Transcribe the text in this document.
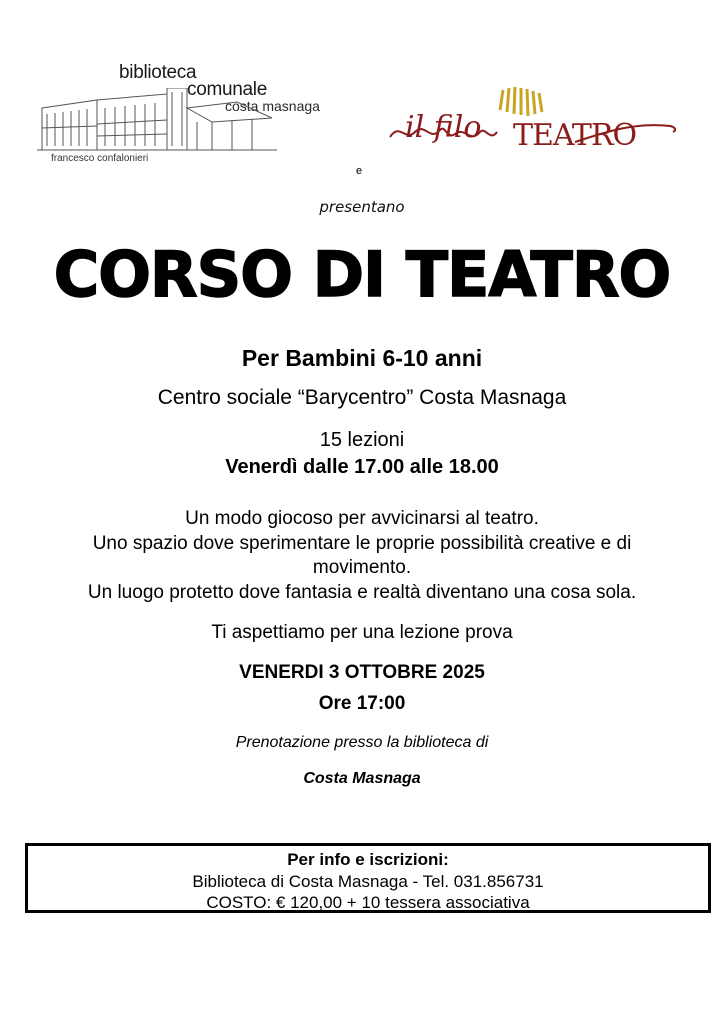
biblioteca
comunale
costa masnaga
francesco confalonieri
il filo TEATRO
e
presentano
CORSO DI TEATRO
Per Bambini 6-10 anni
Centro sociale “Barycentro” Costa Masnaga
15 lezioni
Venerdì dalle 17.00 alle 18.00
Un modo giocoso per avvicinarsi al teatro.
Uno spazio dove sperimentare le proprie possibilità creative e di
movimento.
Un luogo protetto dove fantasia e realtà diventano una cosa sola.
Ti aspettiamo per una lezione prova
VENERDI 3 OTTOBRE 2025
Ore 17:00
Prenotazione presso la biblioteca di
Costa Masnaga
Per info e iscrizioni:
Biblioteca di Costa Masnaga - Tel. 031.856731
COSTO: € 120,00 + 10 tessera associativa
